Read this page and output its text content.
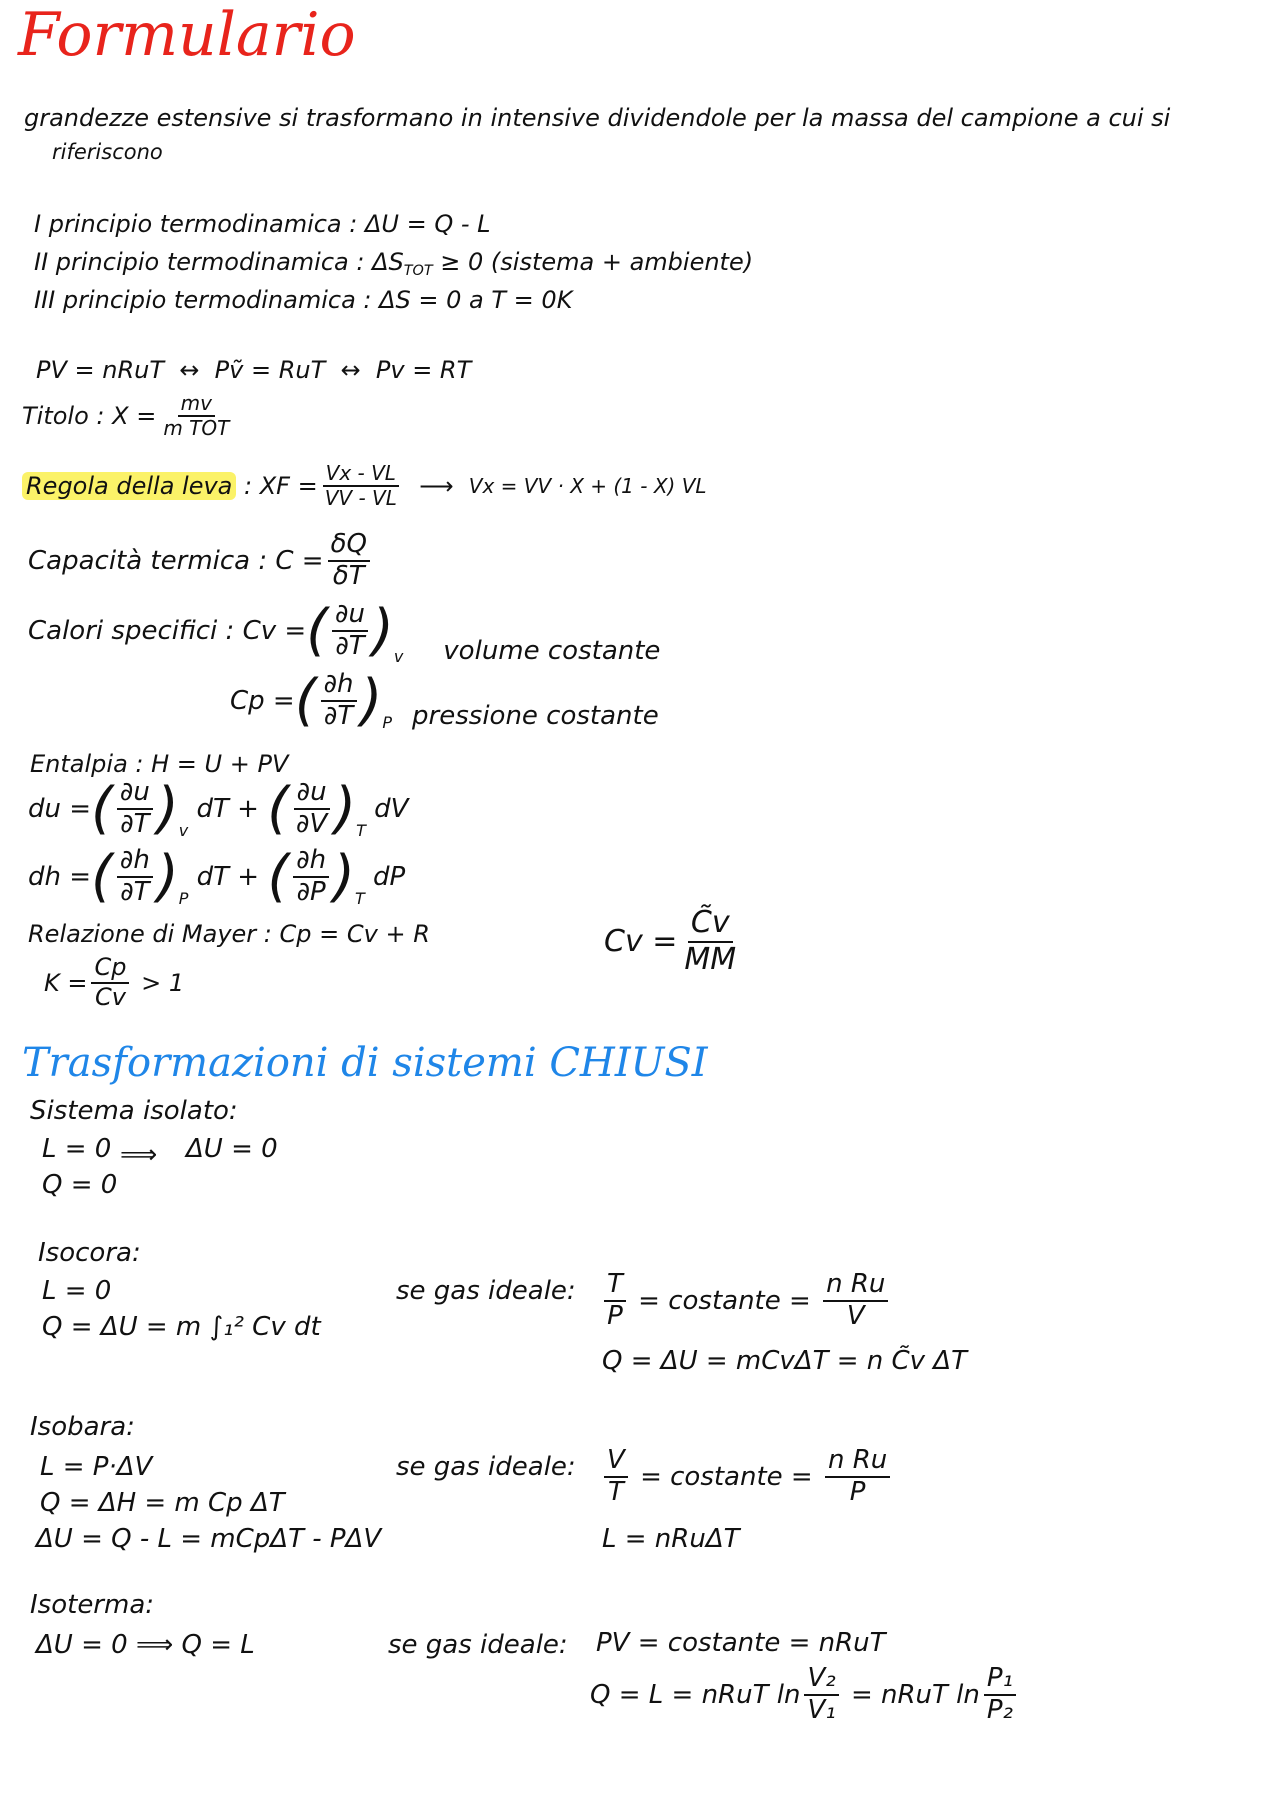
Formulario
grandezze estensive si trasformano in intensive dividendole per la massa del campione a cui si
riferiscono
I principio termodinamica : ΔU = Q - L
II principio termodinamica : $\Delta S_{TOT} \ge 0$ (sistema + ambiente)
III principio termodinamica : ΔS = 0 a T = 0K
PV = nRuT ↔ Pṽ = RuT ↔ Pv = RT
Titolo : $X = \frac{mv}{\text{m TOT}}$
Regola della leva : XF = $\frac{Vx - VL}{VV - VL}$
⟶
Vx = VV · X + (1 - X) VL
Capacità termica : $C = \frac{\delta Q}{\delta T}$
Calori specifici : Cv = ( $\frac{\partial u}{\partial T}$ ) v volume costante
Cp = ( $\frac{\partial h}{\partial T}$ ) P pressione costante
Entalpia : H = U + PV
du = ( $\frac{\partial u}{\partial T}$ ) v

dT +
( $\frac{\partial u}{\partial V}$ ) T

dV
dh = ( $\frac{\partial h}{\partial T}$ ) P

dT +
( $\frac{\partial h}{\partial P}$ ) T

dP
Relazione di Mayer : Cp = Cv + R
$K = \frac{Cp}{Cv}$
> 1
$Cv = \frac{C̃v}{MM}$
Trasformazioni di sistemi CHIUSI
Sistema isolato:
L = 0
Q = 0
⟹ ΔU = 0
Isocora:
L = 0
Q = ΔU = m ∫₁² Cv dt
se gas ideale: $\frac{T}{P}$
= costante =
$\frac{\text{n Ru}}{V}$
Q = ΔU = mCvΔT = n C̃v ΔT
Isobara:
L = P·ΔV
Q = ΔH = m Cp ΔT
ΔU = Q - L = mCpΔT - PΔV
se gas ideale: $\frac{V}{T}$
= costante =
$\frac{\text{n Ru}}{P}$
L = nRuΔT
Isoterma:
ΔU = 0 ⟹ Q = L	se gas ideale: PV = costante = nRuT
Q = L = nRuT $\ln \frac{\text{V₂}}{\text{V₁}}$
= nRuT $\ln \frac{\text{P₁}}{\text{P₂}}$
